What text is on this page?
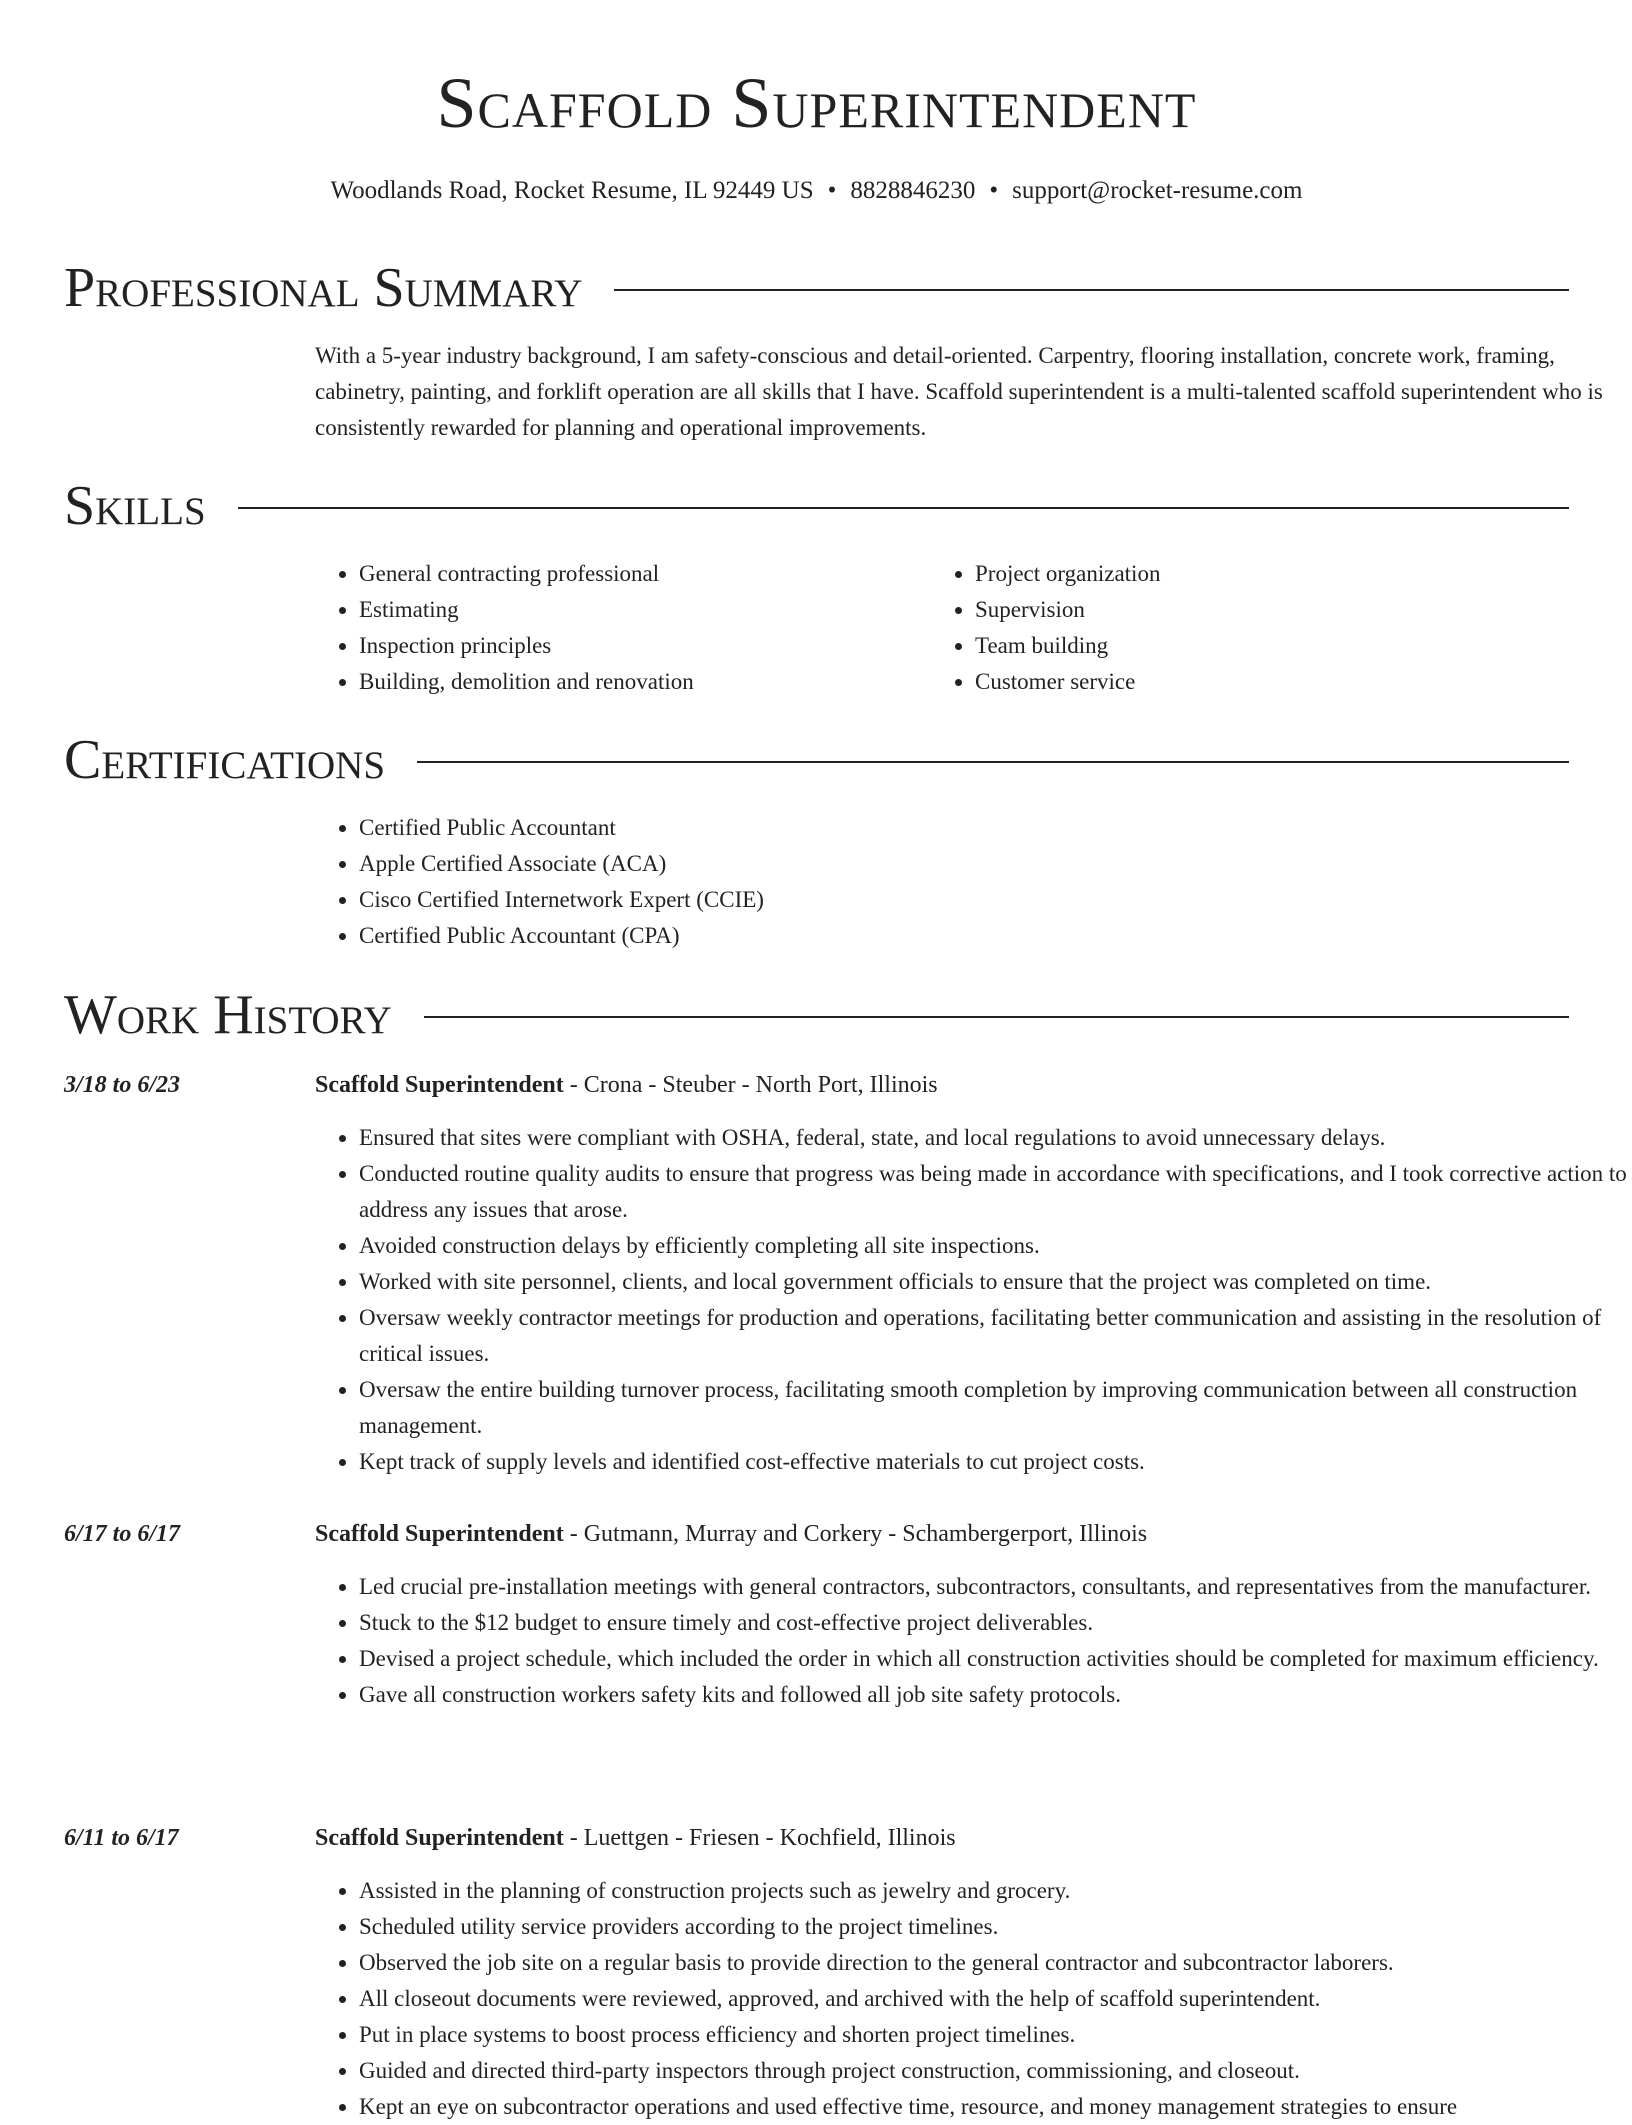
Scaffold Superintendent
Woodlands Road, Rocket Resume, IL 92449 US • 8828846230 • support@rocket-resume.com
Professional Summary

With a 5-year industry background, I am safety-conscious and detail-oriented. Carpentry, flooring installation, concrete work, framing, cabinetry, painting, and forklift operation are all skills that I have. Scaffold superintendent is a multi-talented scaffold superintendent who is consistently rewarded for planning and operational improvements.

Skills
• General contracting professional
• Estimating
• Inspection principles
• Building, demolition and renovation
• Project organization
• Supervision
• Team building
• Customer service
Certifications
• Certified Public Accountant
• Apple Certified Associate (ACA)
• Cisco Certified Internetwork Expert (CCIE)
• Certified Public Accountant (CPA)
Work History
3/18 to 6/23	Scaffold Superintendent - Crona - Steuber - North Port, Illinois
• Ensured that sites were compliant with OSHA, federal, state, and local regulations to avoid unnecessary delays.
• Conducted routine quality audits to ensure that progress was being made in accordance with specifications, and I took corrective action to address any issues that arose.
• Avoided construction delays by efficiently completing all site inspections.
• Worked with site personnel, clients, and local government officials to ensure that the project was completed on time.
• Oversaw weekly contractor meetings for production and operations, facilitating better communication and assisting in the resolution of critical issues.
• Oversaw the entire building turnover process, facilitating smooth completion by improving communication between all construction management.
• Kept track of supply levels and identified cost-effective materials to cut project costs.
6/17 to 6/17	Scaffold Superintendent - Gutmann, Murray and Corkery - Schambergerport, Illinois
• Led crucial pre-installation meetings with general contractors, subcontractors, consultants, and representatives from the manufacturer.
• Stuck to the $12 budget to ensure timely and cost-effective project deliverables.
• Devised a project schedule, which included the order in which all construction activities should be completed for maximum efficiency.
• Gave all construction workers safety kits and followed all job site safety protocols.
6/11 to 6/17	Scaffold Superintendent - Luettgen - Friesen - Kochfield, Illinois
• Assisted in the planning of construction projects such as jewelry and grocery.
• Scheduled utility service providers according to the project timelines.
• Observed the job site on a regular basis to provide direction to the general contractor and subcontractor laborers.
• All closeout documents were reviewed, approved, and archived with the help of scaffold superintendent.
• Put in place systems to boost process efficiency and shorten project timelines.
• Guided and directed third-party inspectors through project construction, commissioning, and closeout.
• Kept an eye on subcontractor operations and used effective time, resource, and money management strategies to ensure
